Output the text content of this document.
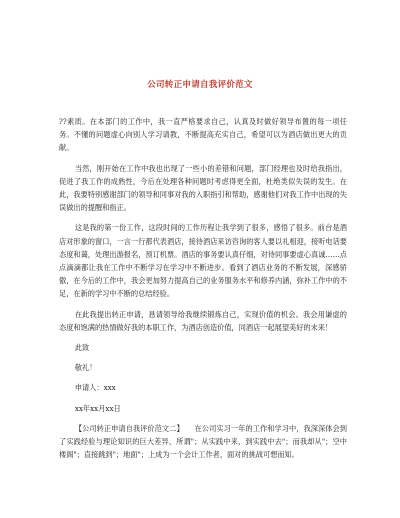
公司转正申请自我评价范文

??素质。在本部门的工作中，我一直严格要求自己，认真及时做好领导布置的每一项任务。不懂的问题虚心向别人学习请教，不断提高充实自己，希望可以为酒店做出更大的贡献。

当然，刚开始在工作中我也出现了一些小的差错和问题，部门经理也及时给我指出，促进了我工作的成熟性，今后在处理各种问题时考虑得更全面，杜绝类似失误的发生。在此，我要特别感谢部门的领导和同事对我的入职指引和帮助，感谢他们对我工作中出现的失误做出的提醒和指正。

这是我的第一份工作，这段时间的工作历程让我学到了很多，感悟了很多。前台是酒店对形象的窗口，一言一行都代表酒店，接待酒店来访咨询的客人要以礼相迎，接听电话要态度和蔼，处理出游报名，预订机票。酒店的事务要认真仔细，对待同事要虚心真诚……点点滴滴都让我在工作中不断学习在学习中不断进步。看到了酒店业务的不断发展，深感骄傲，在今后的工作中，我会更加努力提高自己的业务服务水平和修养内涵，弥补工作中的不足，在新的学习中不断的总结经验。

在此我提出转正申请，恳请领导给我继续锻炼自己，实现价值的机会。我会用谦虚的态度和饱满的热情做好我的本职工作，为酒店创造价值，同酒店一起展望美好的未来！

此致

敬礼！

申请人：xxx

xx年xx月xx日

【公司转正申请自我评价范文二】　　在公司实习一年的工作和学习中，我深深体会到了实践经验与理论知识的巨大差异，所谓"；从实践中来，到实践中去"；而我却从"；空中楼阁"；直接跳到"；地面"；上成为一个会计工作者，面对的挑战可想而知。
